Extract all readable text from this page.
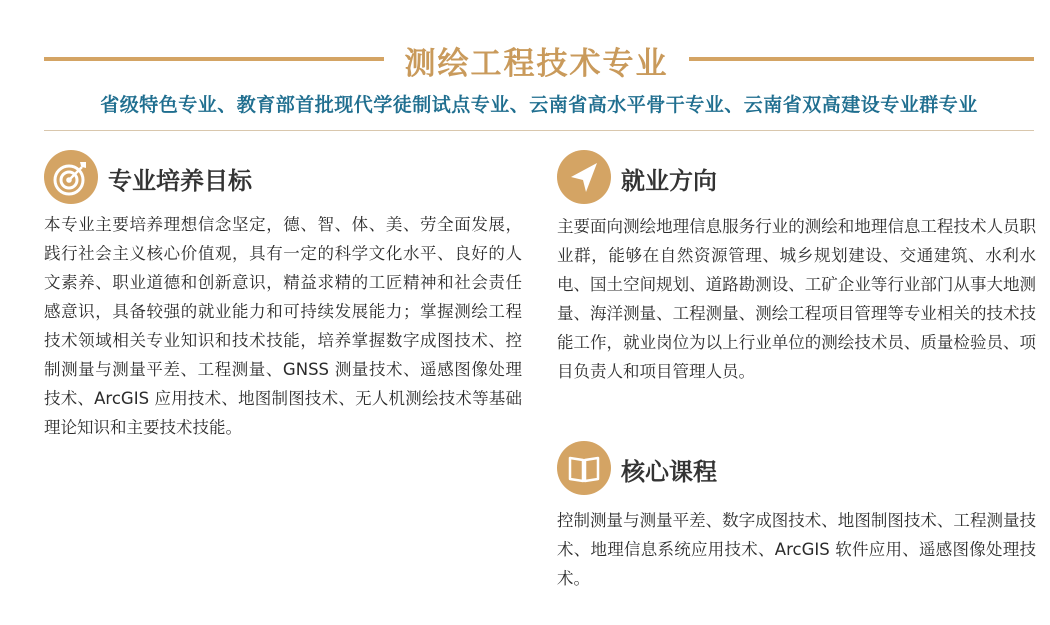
测绘工程技术专业
省级特色专业、教育部首批现代学徒制试点专业、云南省高水平骨干专业、云南省双高建设专业群专业
专业培养目标
本专业主要培养理想信念坚定，德、智、体、美、劳全面发展，践行社会主义核心价值观，具有一定的科学文化水平、良好的人文素养、职业道德和创新意识，精益求精的工匠精神和社会责任感意识，具备较强的就业能力和可持续发展能力；掌握测绘工程技术领域相关专业知识和技术技能，培养掌握数字成图技术、控制测量与测量平差、工程测量、GNSS 测量技术、遥感图像处理技术、ArcGIS 应用技术、地图制图技术、无人机测绘技术等基础理论知识和主要技术技能。
就业方向
主要面向测绘地理信息服务行业的测绘和地理信息工程技术人员职业群，能够在自然资源管理、城乡规划建设、交通建筑、水利水电、国土空间规划、道路勘测设、工矿企业等行业部门从事大地测量、海洋测量、工程测量、测绘工程项目管理等专业相关的技术技能工作，就业岗位为以上行业单位的测绘技术员、质量检验员、项目负责人和项目管理人员。
核心课程
控制测量与测量平差、数字成图技术、地图制图技术、工程测量技术、地理信息系统应用技术、ArcGIS 软件应用、遥感图像处理技术。
